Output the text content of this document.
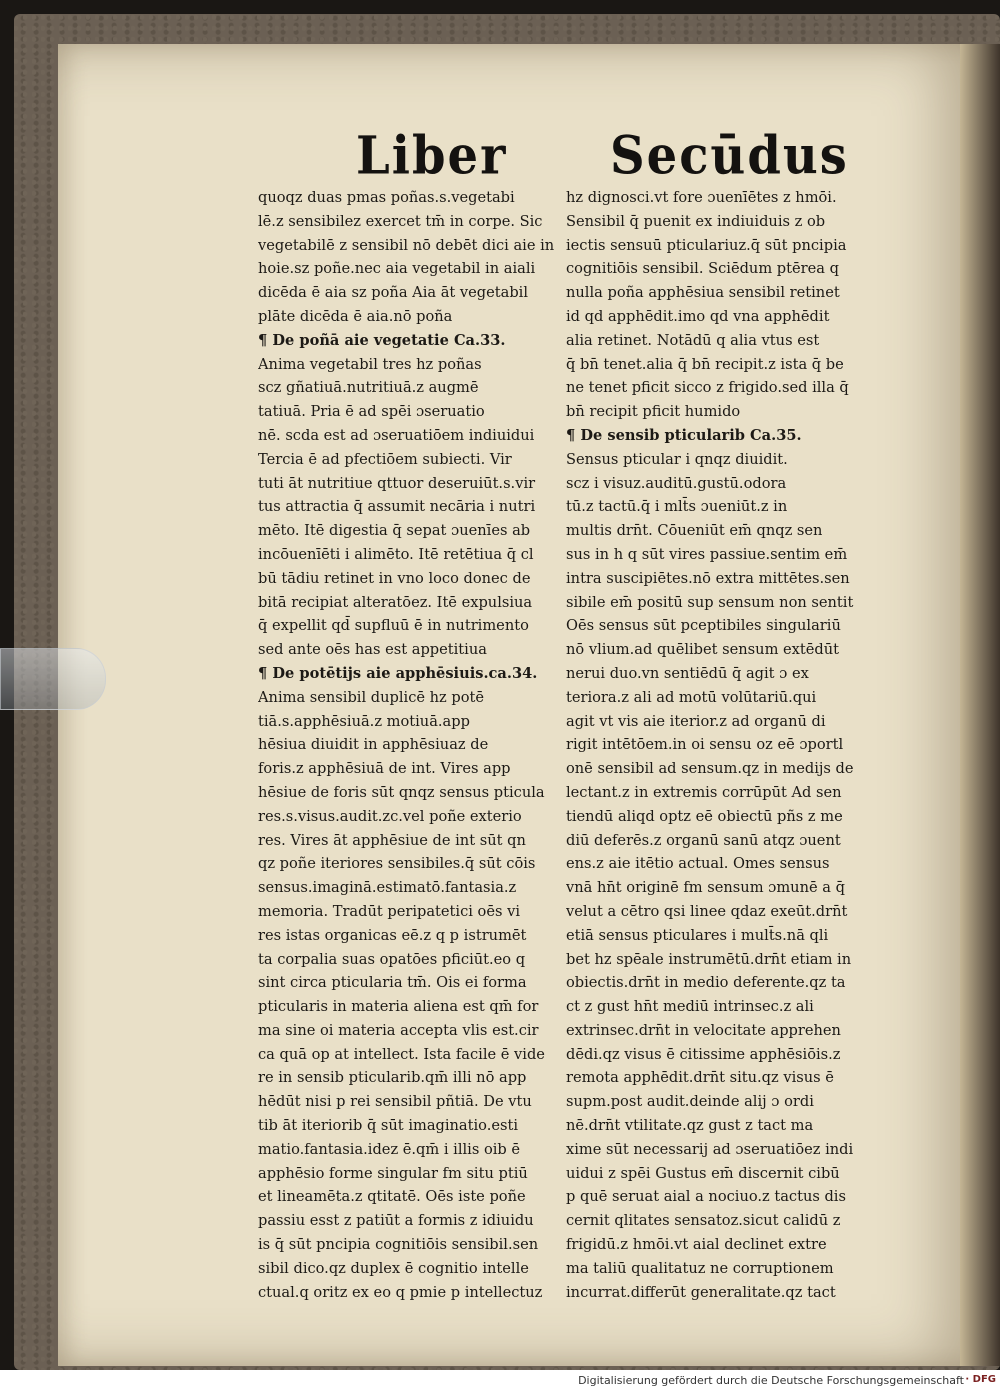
Liber Secūdus
quoqz duas pmas poñas.s.vegetabi
lē.z sensibilez exercet tm̄ in corpe. Sic
vegetabilē z sensibil nō debēt dici aie in
hoie.sz poñe.nec aia vegetabil in aiali
dicēda ē aia sz poña Aia āt vegetabil
plāte dicēda ē aia.nō poña
¶ De poñā aie vegetatie Ca.33.
Anima vegetabil tres hz poñas
scz gñatiuā.nutritiuā.z augmē
tatiuā. Pria ē ad spēi ɔseruatio
nē. scda est ad ɔseruatiōem indiuidui
Tercia ē ad pfectiōem subiecti. Vir
tuti āt nutritiue qttuor deseruiūt.s.vir
tus attractia q̄ assumit necāria i nutri
mēto. Itē digestia q̄ sepat ɔuenīes ab
incōuenīēti i alimēto. Itē retētiua q̄ cl
bū tādiu retinet in vno loco donec de
bitā recipiat alteratōez. Itē expulsiua
q̄ expellit qd̄ supfluū ē in nutrimento
sed ante oēs has est appetitiua
¶ De potētijs aie apphēsiuis.ca.34.
Anima sensibil duplicē hz potē
tiā.s.apphēsiuā.z motiuā.app
hēsiua diuidit in apphēsiuaz de
foris.z apphēsiuā de int. Vires app
hēsiue de foris sūt qnqz sensus pticula
res.s.visus.audit.zc.vel poñe exterio
res. Vires āt apphēsiue de int sūt qn
qz poñe iteriores sensibiles.q̄ sūt cōis
sensus.imaginā.estimatō.fantasia.z
memoria. Tradūt peripatetici oēs vi
res istas organicas eē.z q p istrumēt
ta corpalia suas opatōes pficiūt.eo q
sint circa pticularia tm̄. Ois ei forma
pticularis in materia aliena est qm̄ for
ma sine oi materia accepta vlis est.cir
ca quā op at intellect. Ista facile ē vide
re in sensib pticularib.qm̄ illi nō app
hēdūt nisi p rei sensibil pñtiā. De vtu
tib āt iteriorib q̄ sūt imaginatio.esti
matio.fantasia.idez ē.qm̄ i illis oib ē
apphēsio forme singular fm situ ptiū
et lineamēta.z qtitatē. Oēs iste poñe
passiu esst z patiūt a formis z idiuidu
is q̄ sūt pncipia cognitiōis sensibil.sen
sibil dico.qz duplex ē cognitio intelle
ctual.q oritz ex eo q pmie p intellectuz
hz dignosci.vt fore ɔuenīētes z hmōi.
Sensibil q̄ puenit ex indiuiduis z ob
iectis sensuū pticulariuz.q̄ sūt pncipia
cognitiōis sensibil. Sciēdum ptērea q
nulla poña apphēsiua sensibil retinet
id qd apphēdit.imo qd vna apphēdit
alia retinet. Notādū q alia vtus est
q̄ bn̄ tenet.alia q̄ bn̄ recipit.z ista q̄ be
ne tenet pficit sicco z frigido.sed illa q̄
bn̄ recipit pficit humido
¶ De sensib pticularib Ca.35.
Sensus pticular i qnqz diuidit.
scz i visuz.auditū.gustū.odora
tū.z tactū.q̄ i mlt̄s ɔueniūt.z in
multis drn̄t. Cōueniūt em̄ qnqz sen
sus in h q sūt vires passiue.sentim em̄
intra suscipiētes.nō extra mittētes.sen
sibile em̄ positū sup sensum non sentit
Oēs sensus sūt pceptibiles singulariū
nō vlium.ad quēlibet sensum extēdūt
nerui duo.vn sentiēdū q̄ agit ɔ ex
teriora.z ali ad motū volūtariū.qui
agit vt vis aie iterior.z ad organū di
rigit intētōem.in oi sensu oz eē ɔportl
onē sensibil ad sensum.qz in medijs de
lectant.z in extremis corrūpūt Ad sen
tiendū aliqd optz eē obiectū pñs z me
diū deferēs.z organū sanū atqz ɔuent
ens.z aie itētio actual. Omes sensus
vnā hn̄t originē fm sensum ɔmunē a q̄
velut a cētro qsi linee qdaz exeūt.drn̄t
etiā sensus pticulares i mult̄s.nā qli
bet hz spēale instrumētū.drn̄t etiam in
obiectis.drn̄t in medio deferente.qz ta
ct z gust hn̄t mediū intrinsec.z ali
extrinsec.drn̄t in velocitate apprehen
dēdi.qz visus ē citissime apphēsiōis.z
remota apphēdit.drn̄t situ.qz visus ē
supm.post audit.deinde alij ɔ ordi
nē.drn̄t vtilitate.qz gust z tact ma
xime sūt necessarij ad ɔseruatiōez indi
uidui z spēi Gustus em̄ discernit cibū
p quē seruat aial a nociuo.z tactus dis
cernit qlitates sensatoz.sicut calidū z
frigidū.z hmōi.vt aial declinet extre
ma taliū qualitatuz ne corruptionem
incurrat.differūt generalitate.qz tact
Digitalisierung gefördert durch die Deutsche Forschungsgemeinschaft · DFG
